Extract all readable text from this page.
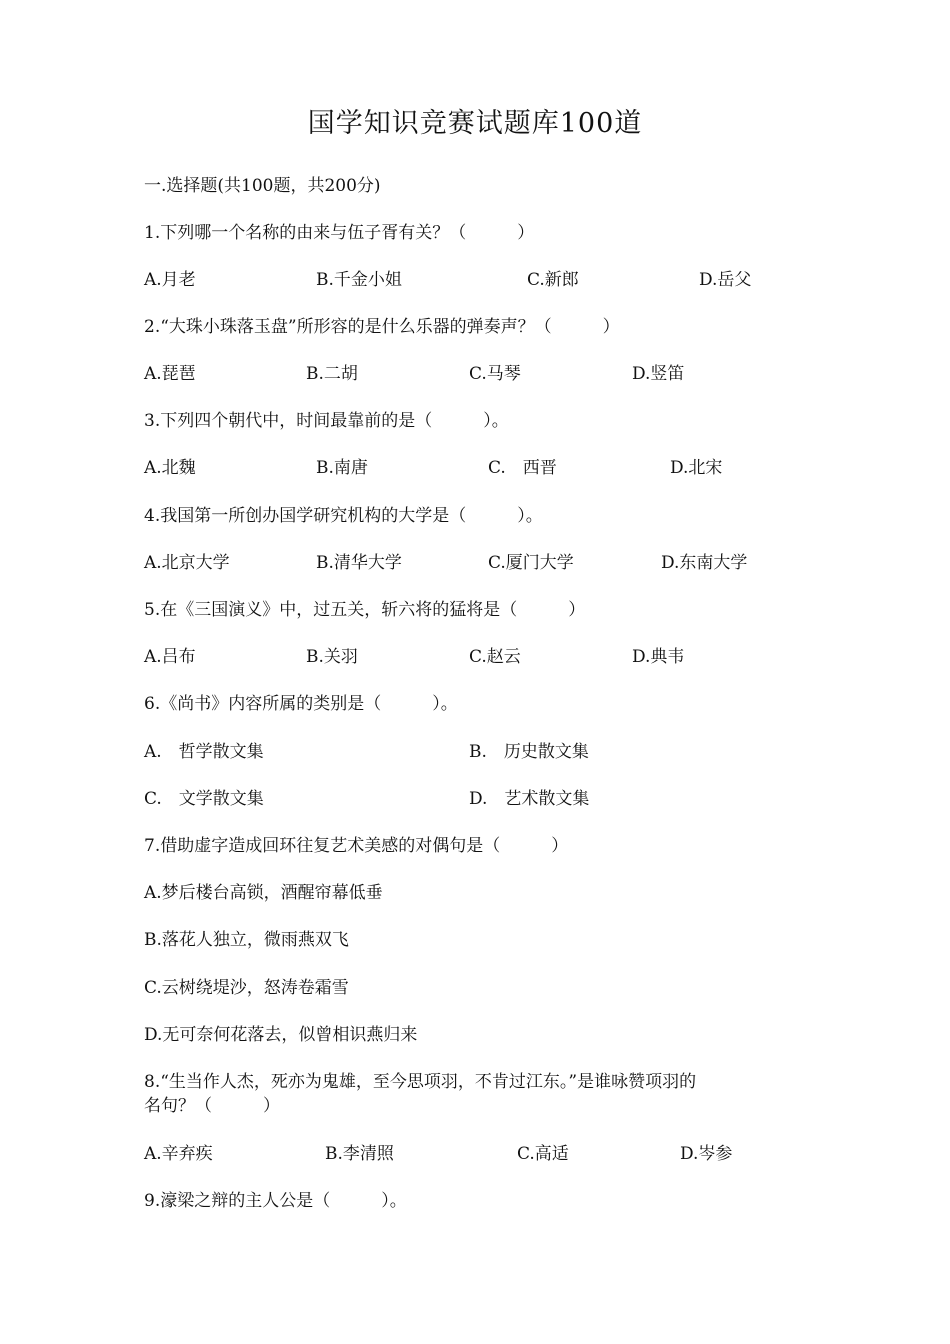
国学知识竞赛试题库100道
一.选择题(共100题，共200分)
1.下列哪一个名称的由来与伍子胥有关？（　　　）
A.月老	B.千金小姐	C.新郎	D.岳父
2.“大珠小珠落玉盘”所形容的是什么乐器的弹奏声？（　　　）
A.琵琶	B.二胡	C.马琴	D.竖笛
3.下列四个朝代中，时间最靠前的是（　　　）。
A.北魏	B.南唐	C.　西晋	D.北宋
4.我国第一所创办国学研究机构的大学是（　　　）。
A.北京大学	B.清华大学	C.厦门大学	D.东南大学
5.在《三国演义》中，过五关，斩六将的猛将是（　　　）
A.吕布	B.关羽	C.赵云	D.典韦
6.《尚书》内容所属的类别是（　　　）。
A.　哲学散文集	B.　历史散文集
C.　文学散文集	D.　艺术散文集
7.借助虚字造成回环往复艺术美感的对偶句是（　　　）
A.梦后楼台高锁，酒醒帘幕低垂
B.落花人独立，微雨燕双飞
C.云树绕堤沙，怒涛卷霜雪
D.无可奈何花落去，似曾相识燕归来
8.“生当作人杰，死亦为鬼雄，至今思项羽，不肯过江东。”是谁咏赞项羽的
名句？（　　　）
A.辛弃疾	B.李清照	C.高适	D.岑参
9.濠梁之辩的主人公是（　　　）。
